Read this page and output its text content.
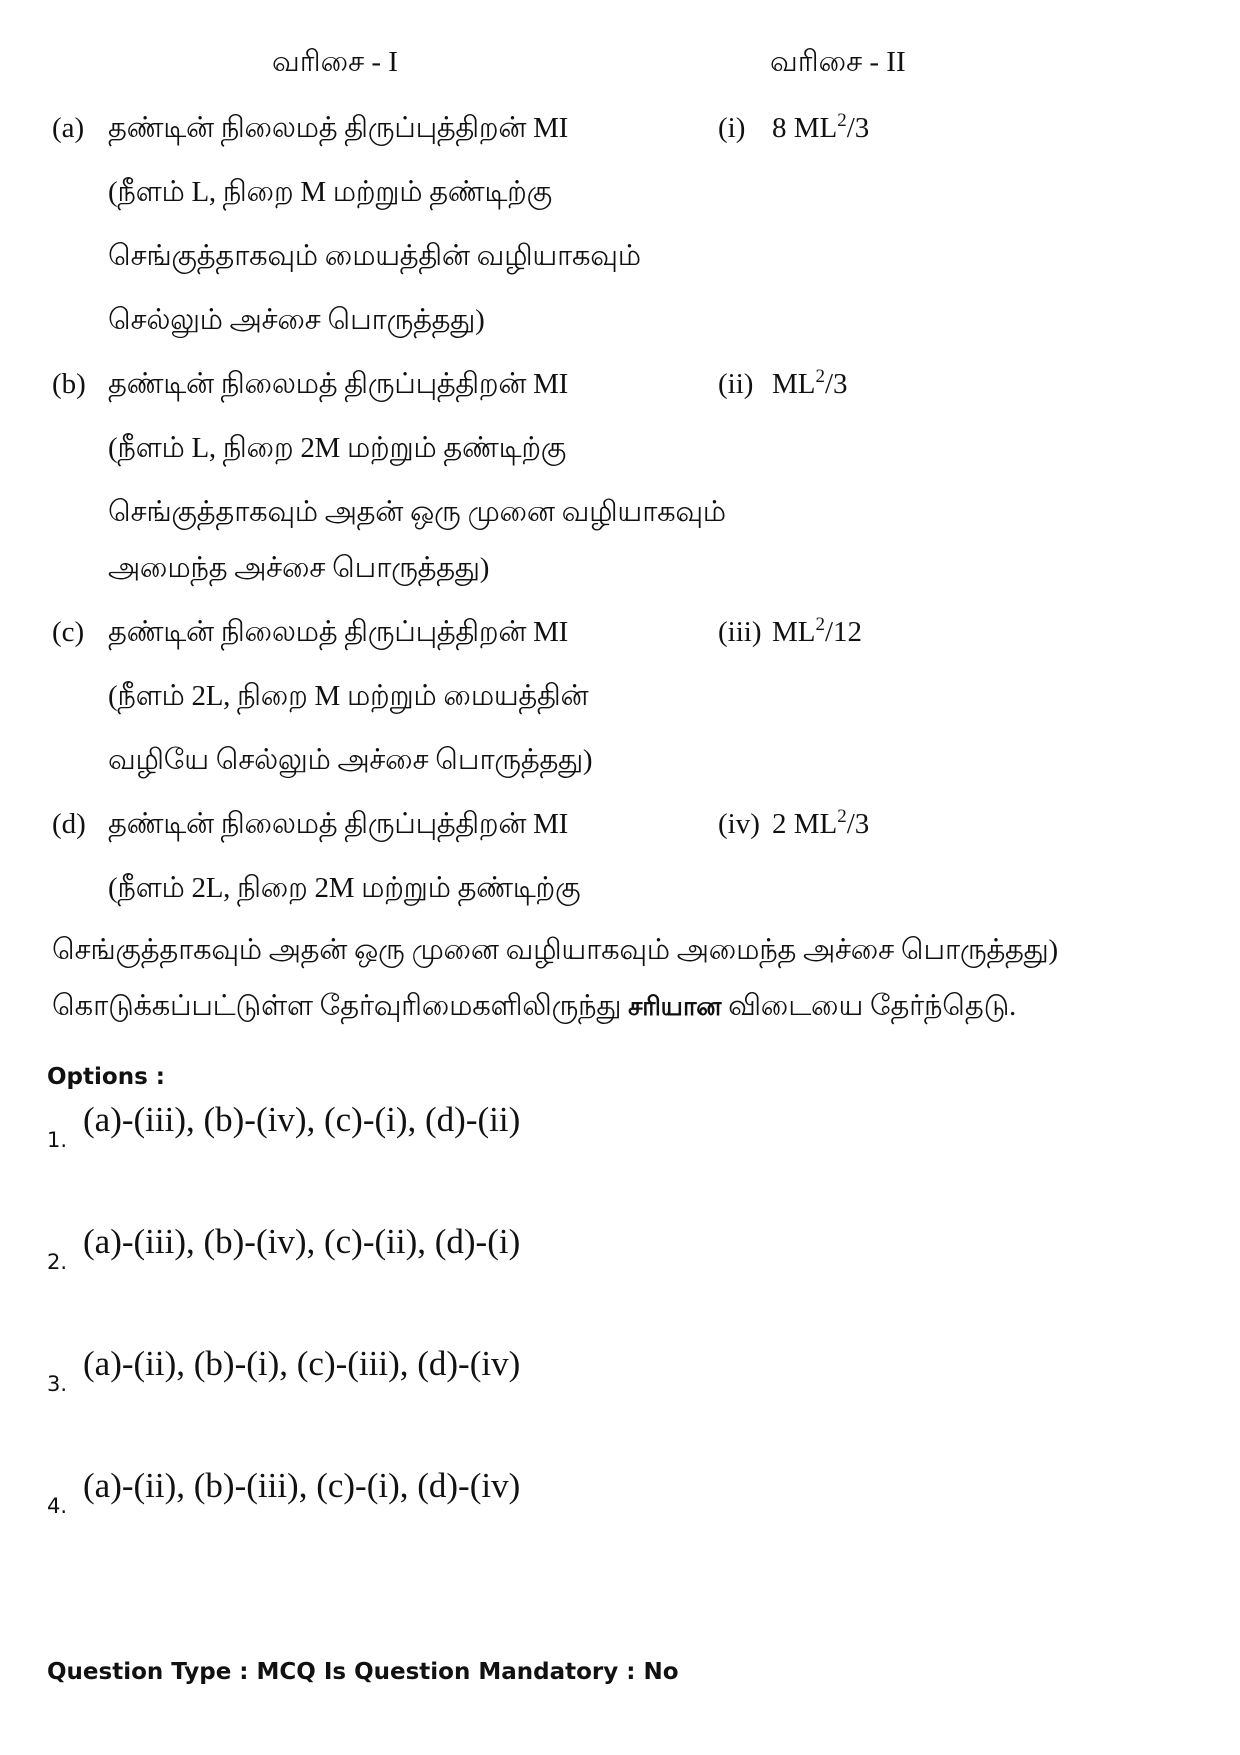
வரிசை - I	வரிசை - II
(a) தண்டின் நிலைமத் திருப்புத்திறன் MI
(நீளம் L, நிறை M மற்றும் தண்டிற்கு
செங்குத்தாகவும் மையத்தின் வழியாகவும்
செல்லும் அச்சை பொருத்தது)
(b) தண்டின் நிலைமத் திருப்புத்திறன் MI
(நீளம் L, நிறை 2M மற்றும் தண்டிற்கு
செங்குத்தாகவும் அதன் ஒரு முனை வழியாகவும்
அமைந்த அச்சை பொருத்தது)
(c) தண்டின் நிலைமத் திருப்புத்திறன் MI
(நீளம் 2L, நிறை M மற்றும் மையத்தின்
வழியே செல்லும் அச்சை பொருத்தது)
(d) தண்டின் நிலைமத் திருப்புத்திறன் MI
(நீளம் 2L, நிறை 2M மற்றும் தண்டிற்கு
(i) 8 $ML^2/3$
(ii) $ML^2/3$
(iii) $ML^2/12$
(iv) 2 $ML^2/3$
செங்குத்தாகவும் அதன் ஒரு முனை வழியாகவும் அமைந்த அச்சை பொருத்தது)
கொடுக்கப்பட்டுள்ள தேர்வுரிமைகளிலிருந்து சரியான விடையை தேர்ந்தெடு.
Options :
1.
(a)-(iii), (b)-(iv), (c)-(i), (d)-(ii)
2.
(a)-(iii), (b)-(iv), (c)-(ii), (d)-(i)
3.
(a)-(ii), (b)-(i), (c)-(iii), (d)-(iv)
4.
(a)-(ii), (b)-(iii), (c)-(i), (d)-(iv)
Question Type : MCQ Is Question Mandatory : No
